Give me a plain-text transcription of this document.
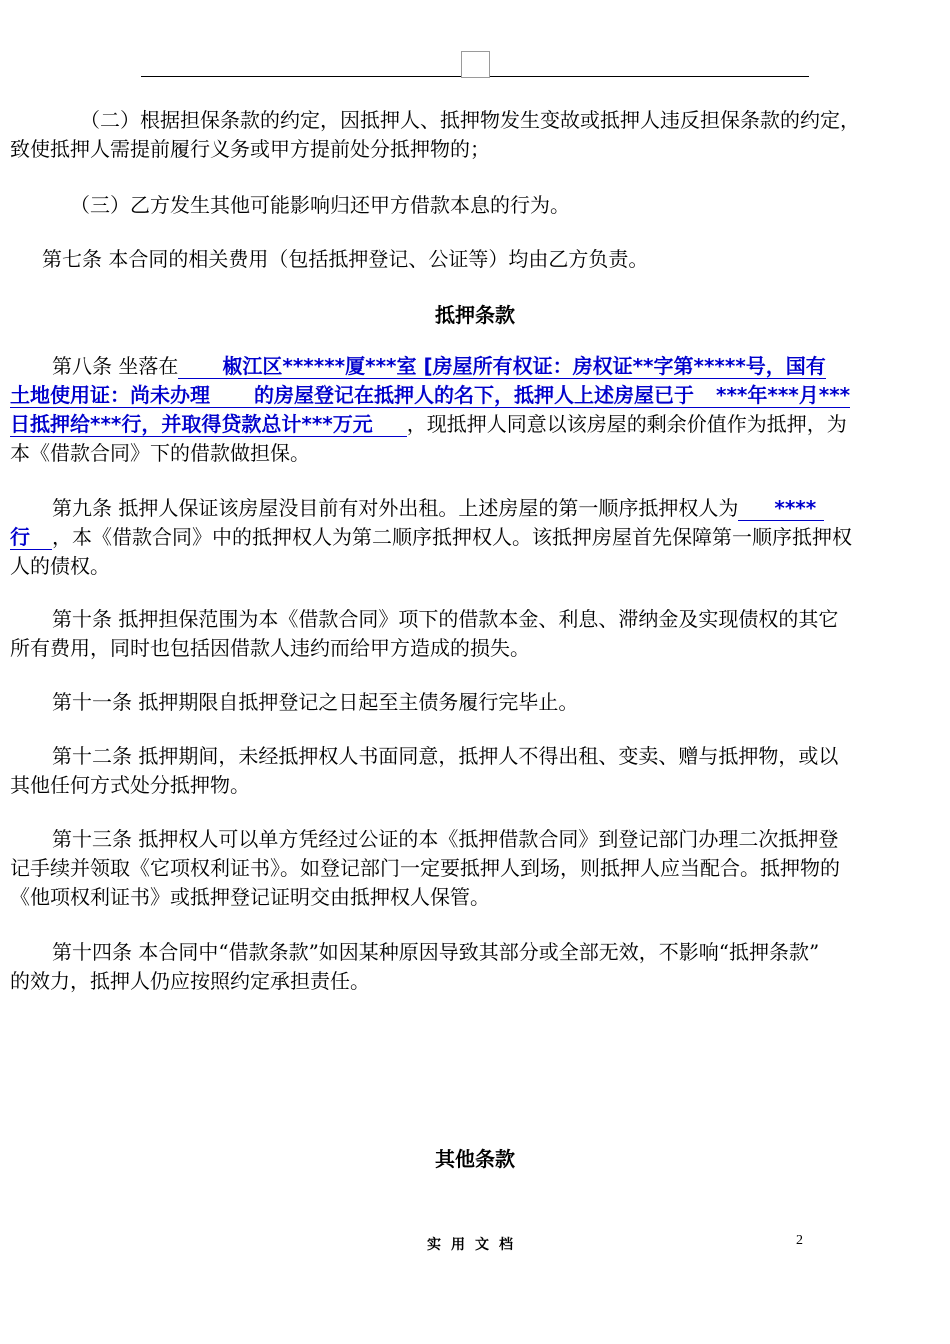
（二）根据担保条款的约定，因抵押人、抵押物发生变故或抵押人违反担保条款的约定，
致使抵押人需提前履行义务或甲方提前处分抵押物的；
（三）乙方发生其他可能影响归还甲方借款本息的行为。
第七条 本合同的相关费用（包括抵押登记、公证等）均由乙方负责。
抵押条款
第八条 坐落在 椒江区******厦***室 [房屋所有权证：房权证**字第*****号，国有
土地使用证：尚未办理 的房屋登记在抵押人的名下，抵押人上述房屋已于 ***年***月***
日抵押给***行，并取得贷款总计***万元 ，现抵押人同意以该房屋的剩余价值作为抵押，为
本《借款合同》下的借款做担保。
第九条 抵押人保证该房屋没目前有对外出租。上述房屋的第一顺序抵押权人为 ****
行 ，本《借款合同》中的抵押权人为第二顺序抵押权人。该抵押房屋首先保障第一顺序抵押权
人的债权。
第十条 抵押担保范围为本《借款合同》项下的借款本金、利息、滞纳金及实现债权的其它
所有费用，同时也包括因借款人违约而给甲方造成的损失。
第十一条 抵押期限自抵押登记之日起至主债务履行完毕止。
第十二条 抵押期间，未经抵押权人书面同意，抵押人不得出租、变卖、赠与抵押物，或以
其他任何方式处分抵押物。
第十三条 抵押权人可以单方凭经过公证的本《抵押借款合同》到登记部门办理二次抵押登
记手续并领取《它项权利证书》。如登记部门一定要抵押人到场，则抵押人应当配合。抵押物的
《他项权利证书》或抵押登记证明交由抵押权人保管。
第十四条 本合同中“借款条款”如因某种原因导致其部分或全部无效，不影响“抵押条款”
的效力，抵押人仍应按照约定承担责任。
其他条款
实用文档	2
